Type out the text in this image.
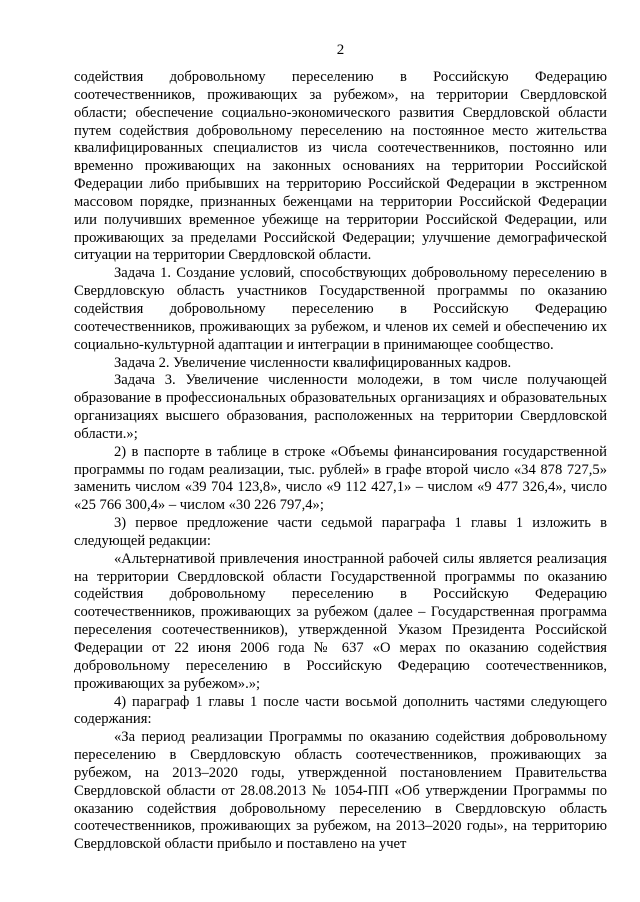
2

содействия добровольному переселению в Российскую Федерацию соотечественников, проживающих за рубежом», на территории Свердловской области; обеспечение социально-экономического развития Свердловской области путем содействия добровольному переселению на постоянное место жительства квалифицированных специалистов из числа соотечественников, постоянно или временно проживающих на законных основаниях на территории Российской Федерации либо прибывших на территорию Российской Федерации в экстренном массовом порядке, признанных беженцами на территории Российской Федерации или получивших временное убежище на территории Российской Федерации, или проживающих за пределами Российской Федерации; улучшение демографической ситуации на территории Свердловской области.

Задача 1. Создание условий, способствующих добровольному переселению в Свердловскую область участников Государственной программы по оказанию содействия добровольному переселению в Российскую Федерацию соотечественников, проживающих за рубежом, и членов их семей и обеспечению их социально-культурной адаптации и интеграции в принимающее сообщество.

Задача 2. Увеличение численности квалифицированных кадров.

Задача 3. Увеличение численности молодежи, в том числе получающей образование в профессиональных образовательных организациях и образовательных организациях высшего образования, расположенных на территории Свердловской области.»;

2) в паспорте в таблице в строке «Объемы финансирования государственной программы по годам реализации, тыс. рублей» в графе второй число «34 878 727,5» заменить числом «39 704 123,8», число «9 112 427,1» – числом «9 477 326,4», число «25 766 300,4» – числом «30 226 797,4»;

3) первое предложение части седьмой параграфа 1 главы 1 изложить в следующей редакции:

«Альтернативой привлечения иностранной рабочей силы является реализация на территории Свердловской области Государственной программы по оказанию содействия добровольному переселению в Российскую Федерацию соотечественников, проживающих за рубежом (далее – Государственная программа переселения соотечественников), утвержденной Указом Президента Российской Федерации от 22 июня 2006 года № 637 «О мерах по оказанию содействия добровольному переселению в Российскую Федерацию соотечественников, проживающих за рубежом».»;

4) параграф 1 главы 1 после части восьмой дополнить частями следующего содержания:

«За период реализации Программы по оказанию содействия добровольному переселению в Свердловскую область соотечественников, проживающих за рубежом, на 2013–2020 годы, утвержденной постановлением Правительства Свердловской области от 28.08.2013 № 1054-ПП «Об утверждении Программы по оказанию содействия добровольному переселению в Свердловскую область соотечественников, проживающих за рубежом, на 2013–2020 годы», на территорию Свердловской области прибыло и поставлено на учет
